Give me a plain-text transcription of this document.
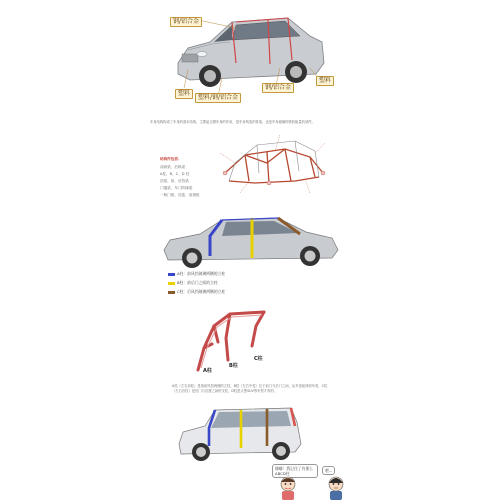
钢/铝合金
塑料
塑料
塑料/钢/铝合金
钢/铝合金
车身结构构成了车身的基本结构，主要起支撑车身的作用，是车身构造的骨架，也是车身碰撞时吸收能量的部件。
结构件包括：
前纵梁、后纵梁
A柱、B、C、D 柱
顶梁、前、后挡梁
门槛梁、车门防撞梁
一般门框、顶盖、前窗框
A柱：前风挡玻璃两侧的立柱
B柱：前后门之间的立柱
C柱：后风挡玻璃两侧的立柱
A柱
B柱
C柱
A柱（左右前柱）是指前风挡两侧的立柱，B柱（左右中柱）位于前门与后门之间，从车顶延伸到车底，C柱（左右后柱）是后门与后窗之间的支柱，D柱是大型SUV等车型才有的。
嗨嗨！我记住了有那么ABCD柱
嗯...
